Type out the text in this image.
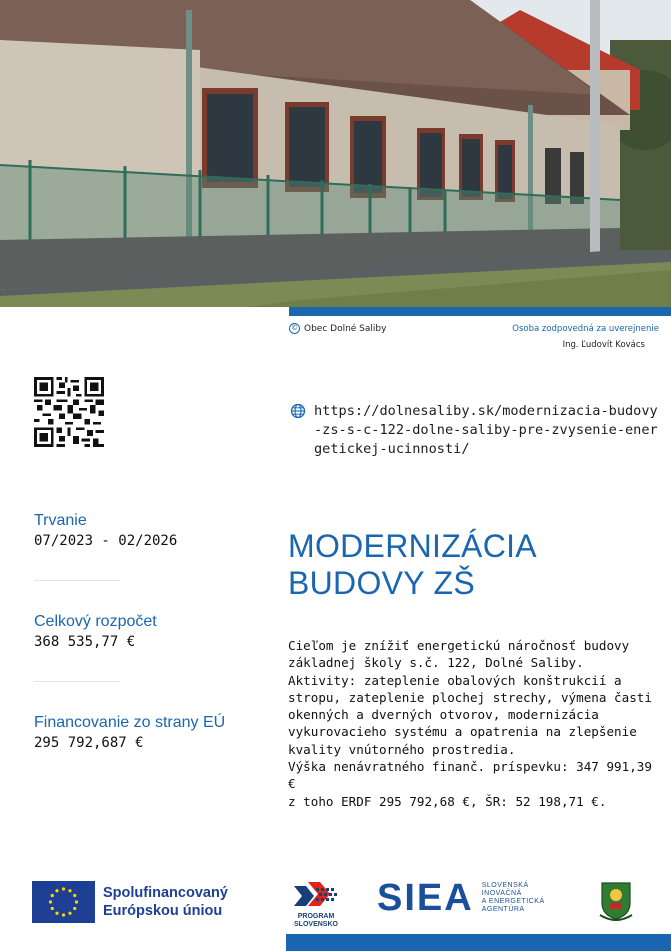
© Obec Dolné Saliby	Osoba zodpovedná za uverejnenie
Ing. Ľudovít Kovács
https://dolnesaliby.sk/modernizacia-budovy-zs-s-c-122-dolne-saliby-pre-zvysenie-energetickej-ucinnosti/
Trvanie
07/2023 - 02/2026
Celkový rozpočet
368 535,77 €
Financovanie zo strany EÚ
295 792,687 €
MODERNIZÁCIA
BUDOVY ZŠ

Cieľom je znížiť energetickú náročnosť budovy základnej školy s.č. 122, Dolné Saliby.

Aktivity: zateplenie obalových konštrukcií a stropu, zateplenie plochej strechy, výmena časti okenných a dverných otvorov, modernizácia vykurovacieho systému a opatrenia na zlepšenie kvality vnútorného prostredia.

Výška nenávratného finanč. príspevku: 347 991,39 €

z toho ERDF 295 792,68 €, ŠR: 52 198,71 €.

Spolufinancovaný
Európskou úniou	PROGRAM
SLOVENSKO
SIEA SLOVENSKÁ
INOVAČNÁ
A ENERGETICKÁ
AGENTÚRA
